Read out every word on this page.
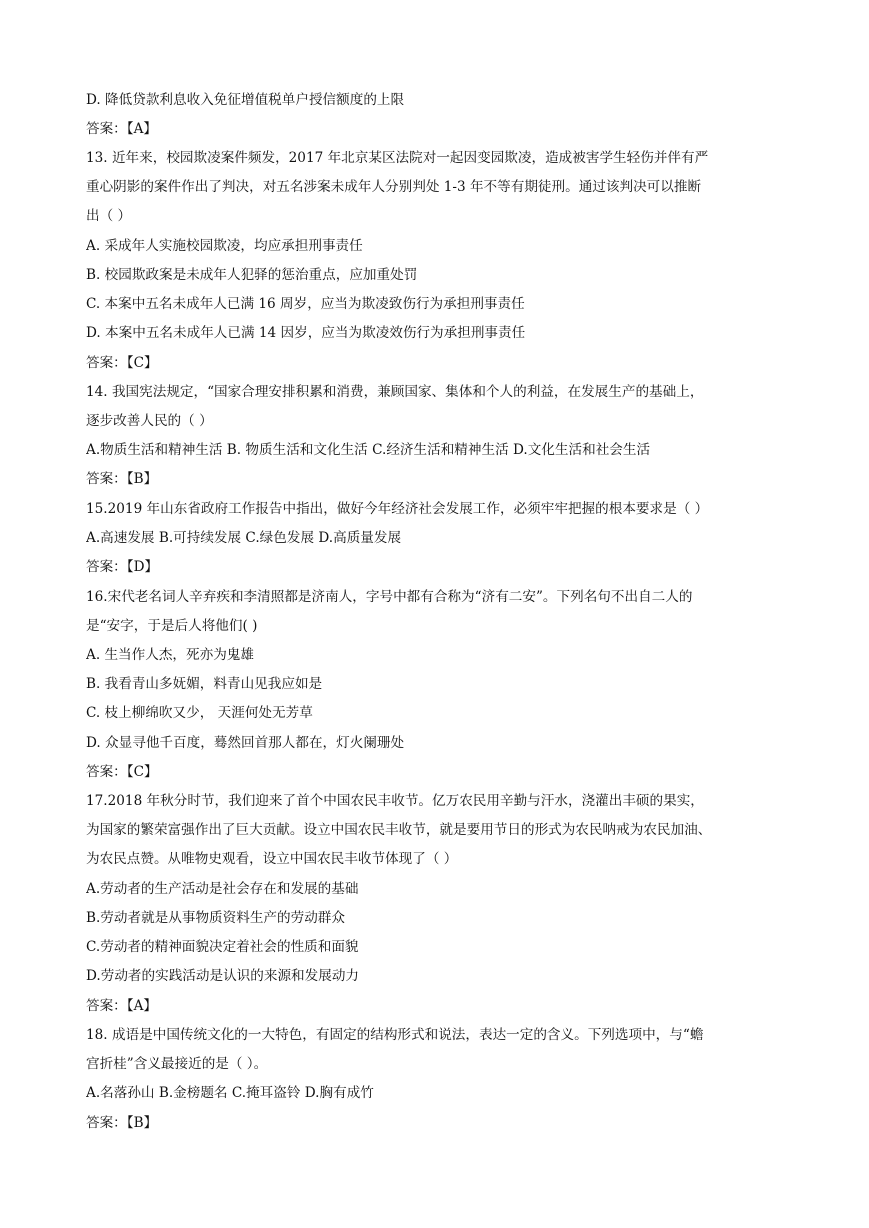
D. 降低贷款利息收入免征增值税单户授信额度的上限
答案：【A】
13. 近年来，校园欺凌案件频发，2017 年北京某区法院对一起因变园欺凌，造成被害学生轻伤并伴有严
重心阴影的案件作出了判决，对五名涉案未成年人分别判处 1-3 年不等有期徒刑。通过该判决可以推断
出（ ）
A. 采成年人实施校园欺凌，均应承担刑事责任
B. 校园欺政案是未成年人犯驿的惩治重点，应加重处罚
C. 本案中五名未成年人已满 16 周岁，应当为欺凌致伤行为承担刑事责任
D. 本案中五名未成年人已满 14 因岁，应当为欺凌效伤行为承担刑事责任
答案：【C】
14. 我国宪法规定，“国家合理安排积累和消费，兼顾国家、集体和个人的利益，在发展生产的基础上，
逐步改善人民的（ ）
A.物质生活和精神生活 B. 物质生活和文化生活 C.经济生活和精神生活 D.文化生活和社会生活
答案：【B】
15.2019 年山东省政府工作报告中指出，做好今年经济社会发展工作，必须牢牢把握的根本要求是（ ）
A.高速发展 B.可持续发展 C.绿色发展 D.高质量发展
答案：【D】
16.宋代老名词人辛弃疾和李清照都是济南人，字号中都有合称为“济有二安”。下列名句不出自二人的
是“安字，于是后人将他们( )
A. 生当作人杰，死亦为鬼雄
B. 我看青山多妩媚，料青山见我应如是
C. 枝上柳绵吹又少， 天涯何处无芳草
D. 众显寻他千百度，蓦然回首那人都在，灯火阑珊处
答案：【C】
17.2018 年秋分时节，我们迎来了首个中国农民丰收节。亿万农民用辛勤与汗水，浇灌出丰硕的果实，
为国家的繁荣富强作出了巨大贡献。设立中国农民丰收节，就是要用节日的形式为农民呐戒为农民加油、
为农民点赞。从唯物史观看，设立中国农民丰收节体现了（ ）
A.劳动者的生产活动是社会存在和发展的基础
B.劳动者就是从事物质资料生产的劳动群众
C.劳动者的精神面貌决定着社会的性质和面貌
D.劳动者的实践活动是认识的来源和发展动力
答案：【A】
18. 成语是中国传统文化的一大特色，有固定的结构形式和说法，表达一定的含义。下列选项中，与“蟾
宫折桂”含义最接近的是（ ）。
A.名落孙山 B.金榜题名 C.掩耳盗铃 D.胸有成竹
答案：【B】
